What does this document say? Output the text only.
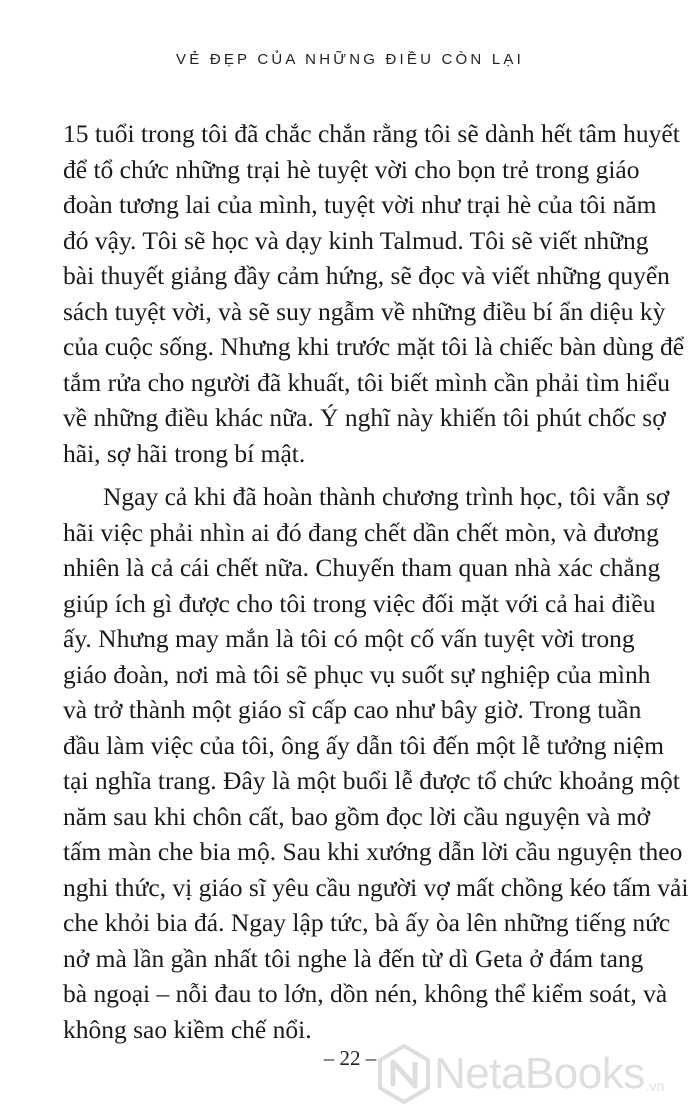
VẺ ĐẸP CỦA NHỮNG ĐIỀU CÒN LẠI
15 tuổi trong tôi đã chắc chắn rằng tôi sẽ dành hết tâm huyết
để tổ chức những trại hè tuyệt vời cho bọn trẻ trong giáo
đoàn tương lai của mình, tuyệt vời như trại hè của tôi năm
đó vậy. Tôi sẽ học và dạy kinh Talmud. Tôi sẽ viết những
bài thuyết giảng đầy cảm hứng, sẽ đọc và viết những quyển
sách tuyệt vời, và sẽ suy ngẫm về những điều bí ẩn diệu kỳ
của cuộc sống. Nhưng khi trước mặt tôi là chiếc bàn dùng để
tắm rửa cho người đã khuất, tôi biết mình cần phải tìm hiểu
về những điều khác nữa. Ý nghĩ này khiến tôi phút chốc sợ
hãi, sợ hãi trong bí mật.
Ngay cả khi đã hoàn thành chương trình học, tôi vẫn sợ
hãi việc phải nhìn ai đó đang chết dần chết mòn, và đương
nhiên là cả cái chết nữa. Chuyến tham quan nhà xác chẳng
giúp ích gì được cho tôi trong việc đối mặt với cả hai điều
ấy. Nhưng may mắn là tôi có một cố vấn tuyệt vời trong
giáo đoàn, nơi mà tôi sẽ phục vụ suốt sự nghiệp của mình
và trở thành một giáo sĩ cấp cao như bây giờ. Trong tuần
đầu làm việc của tôi, ông ấy dẫn tôi đến một lễ tưởng niệm
tại nghĩa trang. Đây là một buổi lễ được tổ chức khoảng một
năm sau khi chôn cất, bao gồm đọc lời cầu nguyện và mở
tấm màn che bia mộ. Sau khi xướng dẫn lời cầu nguyện theo
nghi thức, vị giáo sĩ yêu cầu người vợ mất chồng kéo tấm vải
che khỏi bia đá. Ngay lập tức, bà ấy òa lên những tiếng nức
nở mà lần gần nhất tôi nghe là đến từ dì Geta ở đám tang
bà ngoại – nỗi đau to lớn, dồn nén, không thể kiểm soát, và
không sao kiềm chế nổi.
– 22 –	NetaBooks .vn
